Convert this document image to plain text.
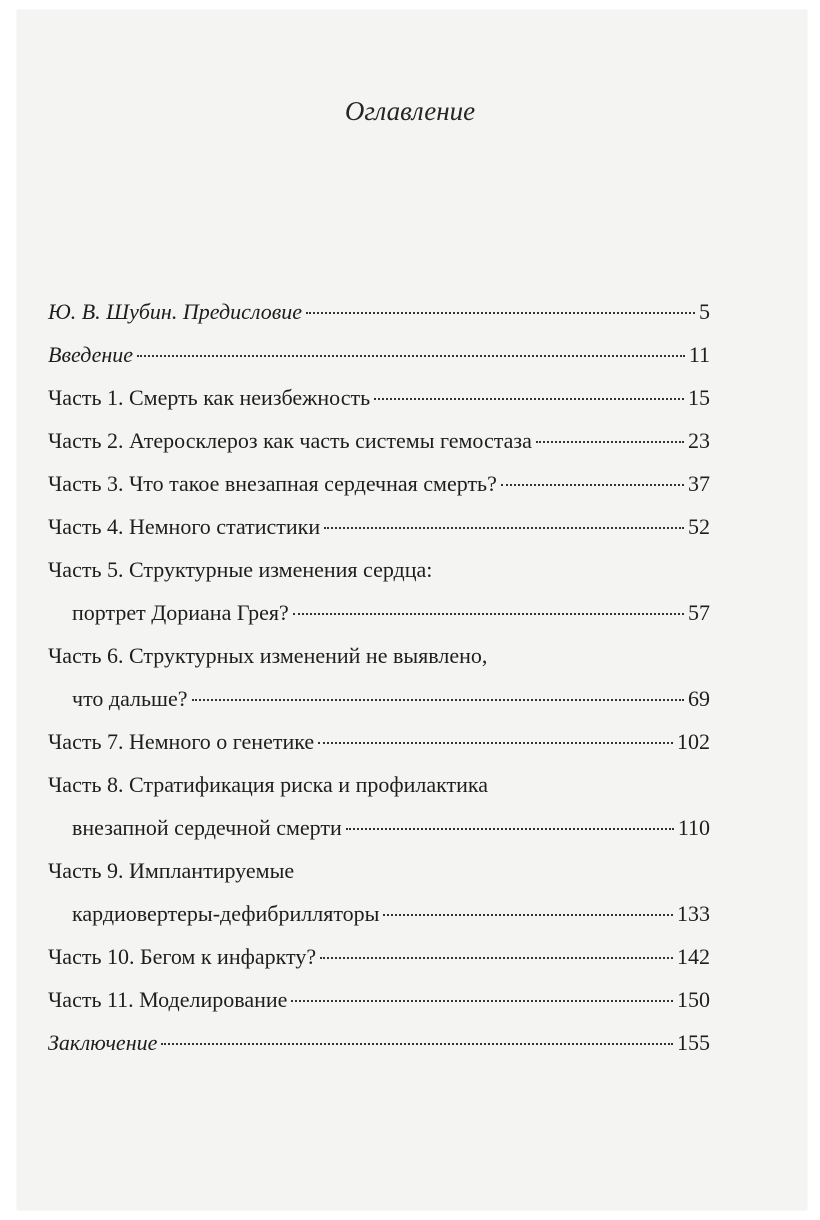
Оглавление
Ю. В. Шубин. Предисловие	5
Введение	11
Часть 1. Смерть как неизбежность	15
Часть 2. Атеросклероз как часть системы гемостаза	23
Часть 3. Что такое внезапная сердечная смерть?	37
Часть 4. Немного статистики	52
Часть 5. Структурные изменения сердца:
портрет Дориана Грея?	57
Часть 6. Структурных изменений не выявлено,
что дальше?	69
Часть 7. Немного о генетике	102
Часть 8. Стратификация риска и профилактика
внезапной сердечной смерти	110
Часть 9. Имплантируемые
кардиовертеры-дефибрилляторы	133
Часть 10. Бегом к инфаркту?	142
Часть 11. Моделирование	150
Заключение	155
